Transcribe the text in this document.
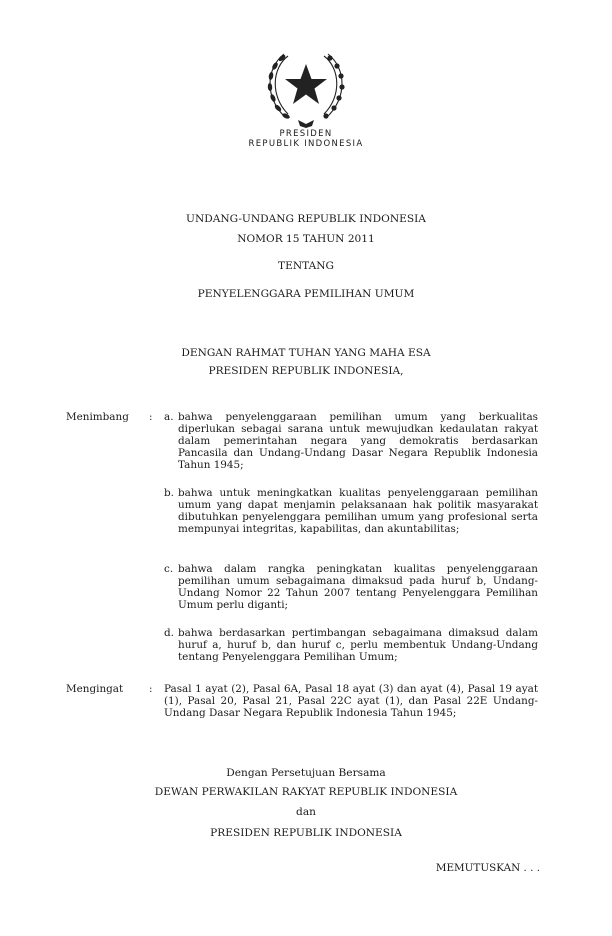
PRESIDEN
REPUBLIK INDONESIA
UNDANG-UNDANG REPUBLIK INDONESIA
NOMOR 15 TAHUN 2011
TENTANG
PENYELENGGARA PEMILIHAN UMUM
DENGAN RAHMAT TUHAN YANG MAHA ESA
PRESIDEN REPUBLIK INDONESIA,
Menimbang : a. bahwa penyelenggaraan pemilihan umum yang berkualitas diperlukan sebagai sarana untuk mewujudkan kedaulatan rakyat dalam pemerintahan negara yang demokratis berdasarkan Pancasila dan Undang-Undang Dasar Negara Republik Indonesia Tahun 1945;
b. bahwa untuk meningkatkan kualitas penyelenggaraan pemilihan umum yang dapat menjamin pelaksanaan hak politik masyarakat dibutuhkan penyelenggara pemilihan umum yang profesional serta mempunyai integritas, kapabilitas, dan akuntabilitas;
c. bahwa dalam rangka peningkatan kualitas penyelenggaraan pemilihan umum sebagaimana dimaksud pada huruf b, Undang-Undang Nomor 22 Tahun 2007 tentang Penyelenggara Pemilihan Umum perlu diganti;
d. bahwa berdasarkan pertimbangan sebagaimana dimaksud dalam huruf a, huruf b, dan huruf c, perlu membentuk Undang-Undang tentang Penyelenggara Pemilihan Umum;
Mengingat : Pasal 1 ayat (2), Pasal 6A, Pasal 18 ayat (3) dan ayat (4), Pasal 19 ayat (1), Pasal 20, Pasal 21, Pasal 22C ayat (1), dan Pasal 22E Undang-Undang Dasar Negara Republik Indonesia Tahun 1945;
Dengan Persetujuan Bersama
DEWAN PERWAKILAN RAKYAT REPUBLIK INDONESIA
dan
PRESIDEN REPUBLIK INDONESIA
MEMUTUSKAN . . .
